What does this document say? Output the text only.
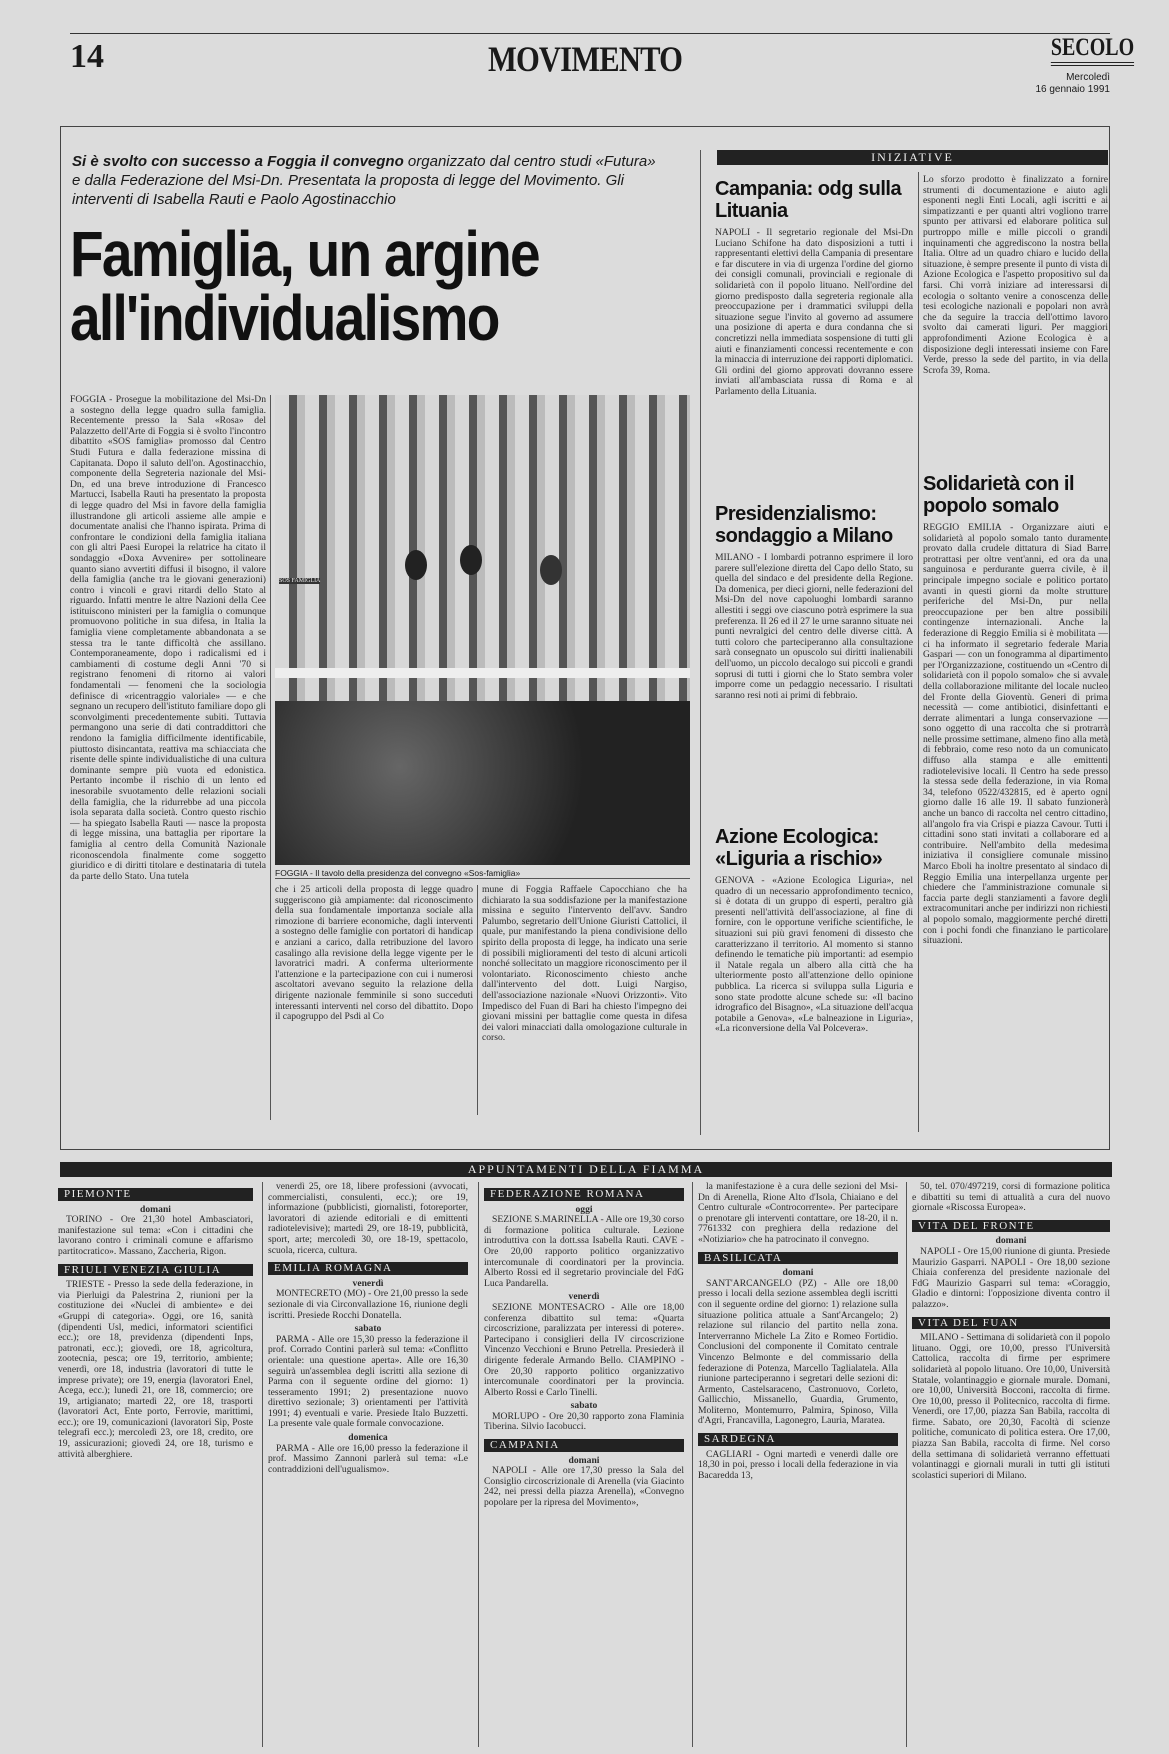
14	MOVIMENTO	SECOLO
Mercoledì
16 gennaio 1991
Si è svolto con successo a Foggia il convegno organizzato dal centro studi «Futura» e dalla Federazione del Msi-Dn. Presentata la proposta di legge del Movimento. Gli interventi di Isabella Rauti e Paolo Agostinacchio
Famiglia, un argine all'individualismo
FOGGIA - Prosegue la mobilitazione del Msi-Dn a sostegno della legge quadro sulla famiglia. Recentemente presso la Sala «Rosa» del Palazzetto dell'Arte di Foggia si è svolto l'incontro dibattito «SOS famiglia» promosso dal Centro Studi Futura e dalla federazione missina di Capitanata. Dopo il saluto dell'on. Agostinacchio, componente della Segreteria nazionale del Msi-Dn, ed una breve introduzione di Francesco Martucci, Isabella Rauti ha presentato la proposta di legge quadro del Msi in favore della famiglia illustrandone gli articoli assieme alle ampie e documentate analisi che l'hanno ispirata. Prima di confrontare le condizioni della famiglia italiana con gli altri Paesi Europei la relatrice ha citato il sondaggio «Doxa Avvenire» per sottolineare quanto siano avvertiti diffusi il bisogno, il valore della famiglia (anche tra le giovani generazioni) contro i vincoli e gravi ritardi dello Stato al riguardo. Infatti mentre le altre Nazioni della Cee istituiscono ministeri per la famiglia o comunque promuovono politiche in sua difesa, in Italia la famiglia viene completamente abbandonata a se stessa tra le tante difficoltà che assillano. Contemporaneamente, dopo i radicalismi ed i cambiamenti di costume degli Anni '70 si registrano fenomeni di ritorno ai valori fondamentali — fenomeni che la sociologia definisce di «ricentraggio valoriale» — e che segnano un recupero dell'istituto familiare dopo gli sconvolgimenti precedentemente subiti. Tuttavia permangono una serie di dati contraddittori che rendono la famiglia difficilmente identificabile, piuttosto disincantata, reattiva ma schiacciata che risente delle spinte individualistiche di una cultura dominante sempre più vuota ed edonistica. Pertanto incombe il rischio di un lento ed inesorabile svuotamento delle relazioni sociali della famiglia, che la ridurrebbe ad una piccola isola separata dalla società. Contro questo rischio — ha spiegato Isabella Rauti — nasce la proposta di legge missina, una battaglia per riportare la famiglia al centro della Comunità Nazionale riconoscendola finalmente come soggetto giuridico e di diritti titolare e destinataria di tutela da parte dello Stato. Una tutela
SOS FAMIGLIA
FOGGIA - Il tavolo della presidenza del convegno «Sos-famiglia»
che i 25 articoli della proposta di legge quadro suggeriscono già ampiamente: dal riconoscimento della sua fondamentale importanza sociale alla rimozione di barriere economiche, dagli interventi a sostegno delle famiglie con portatori di handicap e anziani a carico, dalla retribuzione del lavoro casalingo alla revisione della legge vigente per le lavoratrici madri. A conferma ulteriormente l'attenzione e la partecipazione con cui i numerosi ascoltatori avevano seguito la relazione della dirigente nazionale femminile si sono succeduti interessanti interventi nel corso del dibattito. Dopo il capogruppo del Psdi al Co
mune di Foggia Raffaele Capocchiano che ha dichiarato la sua soddisfazione per la manifestazione missina e seguito l'intervento dell'avv. Sandro Palumbo, segretario dell'Unione Giuristi Cattolici, il quale, pur manifestando la piena condivisione dello spirito della proposta di legge, ha indicato una serie di possibili miglioramenti del testo di alcuni articoli nonché sollecitato un maggiore riconoscimento per il volontariato. Riconoscimento chiesto anche dall'intervento del dott. Luigi Nargiso, dell'associazione nazionale «Nuovi Orizzonti». Vito Impedisco del Fuan di Bari ha chiesto l'impegno dei giovani missini per battaglie come questa in difesa dei valori minacciati dalla omologazione culturale in corso.
INIZIATIVE
Campania: odg sulla Lituania
NAPOLI - Il segretario regionale del Msi-Dn Luciano Schifone ha dato disposizioni a tutti i rappresentanti elettivi della Campania di presentare e far discutere in via di urgenza l'ordine del giorno dei consigli comunali, provinciali e regionale di solidarietà con il popolo lituano. Nell'ordine del giorno predisposto dalla segreteria regionale alla preoccupazione per i drammatici sviluppi della situazione segue l'invito al governo ad assumere una posizione di aperta e dura condanna che si concretizzi nella immediata sospensione di tutti gli aiuti e finanziamenti concessi recentemente e con la minaccia di interruzione dei rapporti diplomatici. Gli ordini del giorno approvati dovranno essere inviati all'ambasciata russa di Roma e al Parlamento della Lituania.
Presidenzialismo: sondaggio a Milano
MILANO - I lombardi potranno esprimere il loro parere sull'elezione diretta del Capo dello Stato, su quella del sindaco e del presidente della Regione. Da domenica, per dieci giorni, nelle federazioni del Msi-Dn del nove capoluoghi lombardi saranno allestiti i seggi ove ciascuno potrà esprimere la sua preferenza. Il 26 ed il 27 le urne saranno situate nei punti nevralgici del centro delle diverse città. A tutti coloro che parteciperanno alla consultazione sarà consegnato un opuscolo sui diritti inalienabili dell'uomo, un piccolo decalogo sui piccoli e grandi soprusi di tutti i giorni che lo Stato sembra voler imporre come un pedaggio necessario. I risultati saranno resi noti ai primi di febbraio.
Azione Ecologica: «Liguria a rischio»
GENOVA - «Azione Ecologica Liguria», nel quadro di un necessario approfondimento tecnico, si è dotata di un gruppo di esperti, peraltro già presenti nell'attività dell'associazione, al fine di fornire, con le opportune verifiche scientifiche, le situazioni sui più gravi fenomeni di dissesto che caratterizzano il territorio. Al momento si stanno definendo le tematiche più importanti: ad esempio il Natale regala un albero alla città che ha ulteriormente posto all'attenzione dello opinione pubblica. La ricerca si sviluppa sulla Liguria e sono state prodotte alcune schede su: «Il bacino idrografico del Bisagno», «La situazione dell'acqua potabile a Genova», «Le balneazione in Liguria», «La riconversione della Val Polcevera».
Lo sforzo prodotto è finalizzato a fornire strumenti di documentazione e aiuto agli esponenti negli Enti Locali, agli iscritti e ai simpatizzanti e per quanti altri vogliono trarre spunto per attivarsi ed elaborare politica sul purtroppo mille e mille piccoli o grandi inquinamenti che aggrediscono la nostra bella Italia. Oltre ad un quadro chiaro e lucido della situazione, è sempre presente il punto di vista di Azione Ecologica e l'aspetto propositivo sul da farsi. Chi vorrà iniziare ad interessarsi di ecologia o soltanto venire a conoscenza delle tesi ecologiche nazionali e popolari non avrà che da seguire la traccia dell'ottimo lavoro svolto dai camerati liguri. Per maggiori approfondimenti Azione Ecologica è a disposizione degli interessati insieme con Fare Verde, presso la sede del partito, in via della Scrofa 39, Roma.
Solidarietà con il popolo somalo
REGGIO EMILIA - Organizzare aiuti e solidarietà al popolo somalo tanto duramente provato dalla crudele dittatura di Siad Barre protrattasi per oltre vent'anni, ed ora da una sanguinosa e perdurante guerra civile, è il principale impegno sociale e politico portato avanti in questi giorni da molte strutture periferiche del Msi-Dn, pur nella preoccupazione per ben altre possibili contingenze internazionali. Anche la federazione di Reggio Emilia si è mobilitata — ci ha informato il segretario federale Maria Gaspari — con un fonogramma al dipartimento per l'Organizzazione, costituendo un «Centro di solidarietà con il popolo somalo» che si avvale della collaborazione militante del locale nucleo del Fronte della Gioventù. Generi di prima necessità — come antibiotici, disinfettanti e derrate alimentari a lunga conservazione — sono oggetto di una raccolta che si protrarrà nelle prossime settimane, almeno fino alla metà di febbraio, come reso noto da un comunicato diffuso alla stampa e alle emittenti radiotelevisive locali. Il Centro ha sede presso la stessa sede della federazione, in via Roma 34, telefono 0522/432815, ed è aperto ogni giorno dalle 16 alle 19. Il sabato funzionerà anche un banco di raccolta nel centro cittadino, all'angolo fra via Crispi e piazza Cavour. Tutti i cittadini sono stati invitati a collaborare ed a contribuire. Nell'ambito della medesima iniziativa il consigliere comunale missino Marco Eboli ha inoltre presentato al sindaco di Reggio Emilia una interpellanza urgente per chiedere che l'amministrazione comunale si faccia parte degli stanziamenti a favore degli extracomunitari anche per indirizzi non richiesti al popolo somalo, maggiormente perché diretti con i pochi fondi che finanziano le particolare situazioni.
APPUNTAMENTI DELLA FIAMMA
PIEMONTE
domani
TORINO - Ore 21,30 hotel Ambasciatori, manifestazione sul tema: «Con i cittadini che lavorano contro i criminali comune e affarismo partitocratico». Massano, Zaccheria, Rigon.
FRIULI VENEZIA GIULIA
TRIESTE - Presso la sede della federazione, in via Pierluigi da Palestrina 2, riunioni per la costituzione dei «Nuclei di ambiente» e dei «Gruppi di categoria». Oggi, ore 16, sanità (dipendenti Usl, medici, informatori scientifici ecc.); ore 18, previdenza (dipendenti Inps, patronati, ecc.); giovedì, ore 18, agricoltura, zootecnia, pesca; ore 19, territorio, ambiente; venerdì, ore 18, industria (lavoratori di tutte le imprese private); ore 19, energia (lavoratori Enel, Acega, ecc.); lunedì 21, ore 18, commercio; ore 19, artigianato; martedì 22, ore 18, trasporti (lavoratori Act, Ente porto, Ferrovie, marittimi, ecc.); ore 19, comunicazioni (lavoratori Sip, Poste telegrafi ecc.); mercoledì 23, ore 18, credito, ore 19, assicurazioni; giovedì 24, ore 18, turismo e attività alberghiere.
venerdì 25, ore 18, libere professioni (avvocati, commercialisti, consulenti, ecc.); ore 19, informazione (pubblicisti, giornalisti, fotoreporter, lavoratori di aziende editoriali e di emittenti radiotelevisive); martedì 29, ore 18-19, pubblicità, sport, arte; mercoledì 30, ore 18-19, spettacolo, scuola, ricerca, cultura.
EMILIA ROMAGNA
venerdì
MONTECRETO (MO) - Ore 21,00 presso la sede sezionale di via Circonvallazione 16, riunione degli iscritti. Presiede Rocchi Donatella.
sabato
PARMA - Alle ore 15,30 presso la federazione il prof. Corrado Contini parlerà sul tema: «Conflitto orientale: una questione aperta». Alle ore 16,30 seguirà un'assemblea degli iscritti alla sezione di Parma con il seguente ordine del giorno: 1) tesseramento 1991; 2) presentazione nuovo direttivo sezionale; 3) orientamenti per l'attività 1991; 4) eventuali e varie. Presiede Italo Buzzetti. La presente vale quale formale convocazione.
domenica
PARMA - Alle ore 16,00 presso la federazione il prof. Massimo Zannoni parlerà sul tema: «Le contraddizioni dell'ugualismo».
FEDERAZIONE ROMANA
oggi
SEZIONE S.MARINELLA - Alle ore 19,30 corso di formazione politica culturale. Lezione introduttiva con la dott.ssa Isabella Rauti. CAVE - Ore 20,00 rapporto politico organizzativo intercomunale di coordinatori per la provincia. Alberto Rossi ed il segretario provinciale del FdG Luca Pandarella.
venerdì
SEZIONE MONTESACRO - Alle ore 18,00 conferenza dibattito sul tema: «Quarta circoscrizione, paralizzata per interessi di potere». Partecipano i consiglieri della IV circoscrizione Vincenzo Vecchioni e Bruno Petrella. Presiederà il dirigente federale Armando Bello. CIAMPINO - Ore 20,30 rapporto politico organizzativo intercomunale coordinatori per la provincia. Alberto Rossi e Carlo Tinelli.
sabato
MORLUPO - Ore 20,30 rapporto zona Flaminia Tiberina. Silvio Iacobucci.
CAMPANIA
domani
NAPOLI - Alle ore 17,30 presso la Sala del Consiglio circoscrizionale di Arenella (via Giacinto 242, nei pressi della piazza Arenella), «Convegno popolare per la ripresa del Movimento»,
la manifestazione è a cura delle sezioni del Msi-Dn di Arenella, Rione Alto d'Isola, Chiaiano e del Centro culturale «Controcorrente». Per partecipare o prenotare gli interventi contattare, ore 18-20, il n. 7761332 con preghiera della redazione del «Notiziario» che ha patrocinato il convegno.
BASILICATA
domani
SANT'ARCANGELO (PZ) - Alle ore 18,00 presso i locali della sezione assemblea degli iscritti con il seguente ordine del giorno: 1) relazione sulla situazione politica attuale a Sant'Arcangelo; 2) relazione sul rilancio del partito nella zona. Interverranno Michele La Zito e Romeo Fortidio. Conclusioni del componente il Comitato centrale Vincenzo Belmonte e del commissario della federazione di Potenza, Marcello Taglialatela. Alla riunione parteciperanno i segretari delle sezioni di: Armento, Castelsaraceno, Castronuovo, Corleto, Gallicchio, Missanello, Guardia, Grumento, Moliterno, Montemurro, Palmira, Spinoso, Villa d'Agri, Francavilla, Lagonegro, Lauria, Maratea.
SARDEGNA
CAGLIARI - Ogni martedì e venerdì dalle ore 18,30 in poi, presso i locali della federazione in via Bacaredda 13,
50, tel. 070/497219, corsi di formazione politica e dibattiti su temi di attualità a cura del nuovo giornale «Riscossa Europea».
VITA DEL FRONTE
domani
NAPOLI - Ore 15,00 riunione di giunta. Presiede Maurizio Gasparri. NAPOLI - Ore 18,00 sezione Chiaia conferenza del presidente nazionale del FdG Maurizio Gasparri sul tema: «Coraggio, Gladio e dintorni: l'opposizione diventa contro il palazzo».
VITA DEL FUAN
MILANO - Settimana di solidarietà con il popolo lituano. Oggi, ore 10,00, presso l'Università Cattolica, raccolta di firme per esprimere solidarietà al popolo lituano. Ore 10,00, Università Statale, volantinaggio e giornale murale. Domani, ore 10,00, Università Bocconi, raccolta di firme. Ore 10,00, presso il Politecnico, raccolta di firme. Venerdì, ore 17,00, piazza San Babila, raccolta di firme. Sabato, ore 20,30, Facoltà di scienze politiche, comunicato di politica estera. Ore 17,00, piazza San Babila, raccolta di firme. Nel corso della settimana di solidarietà verranno effettuati volantinaggi e giornali murali in tutti gli istituti scolastici superiori di Milano.
